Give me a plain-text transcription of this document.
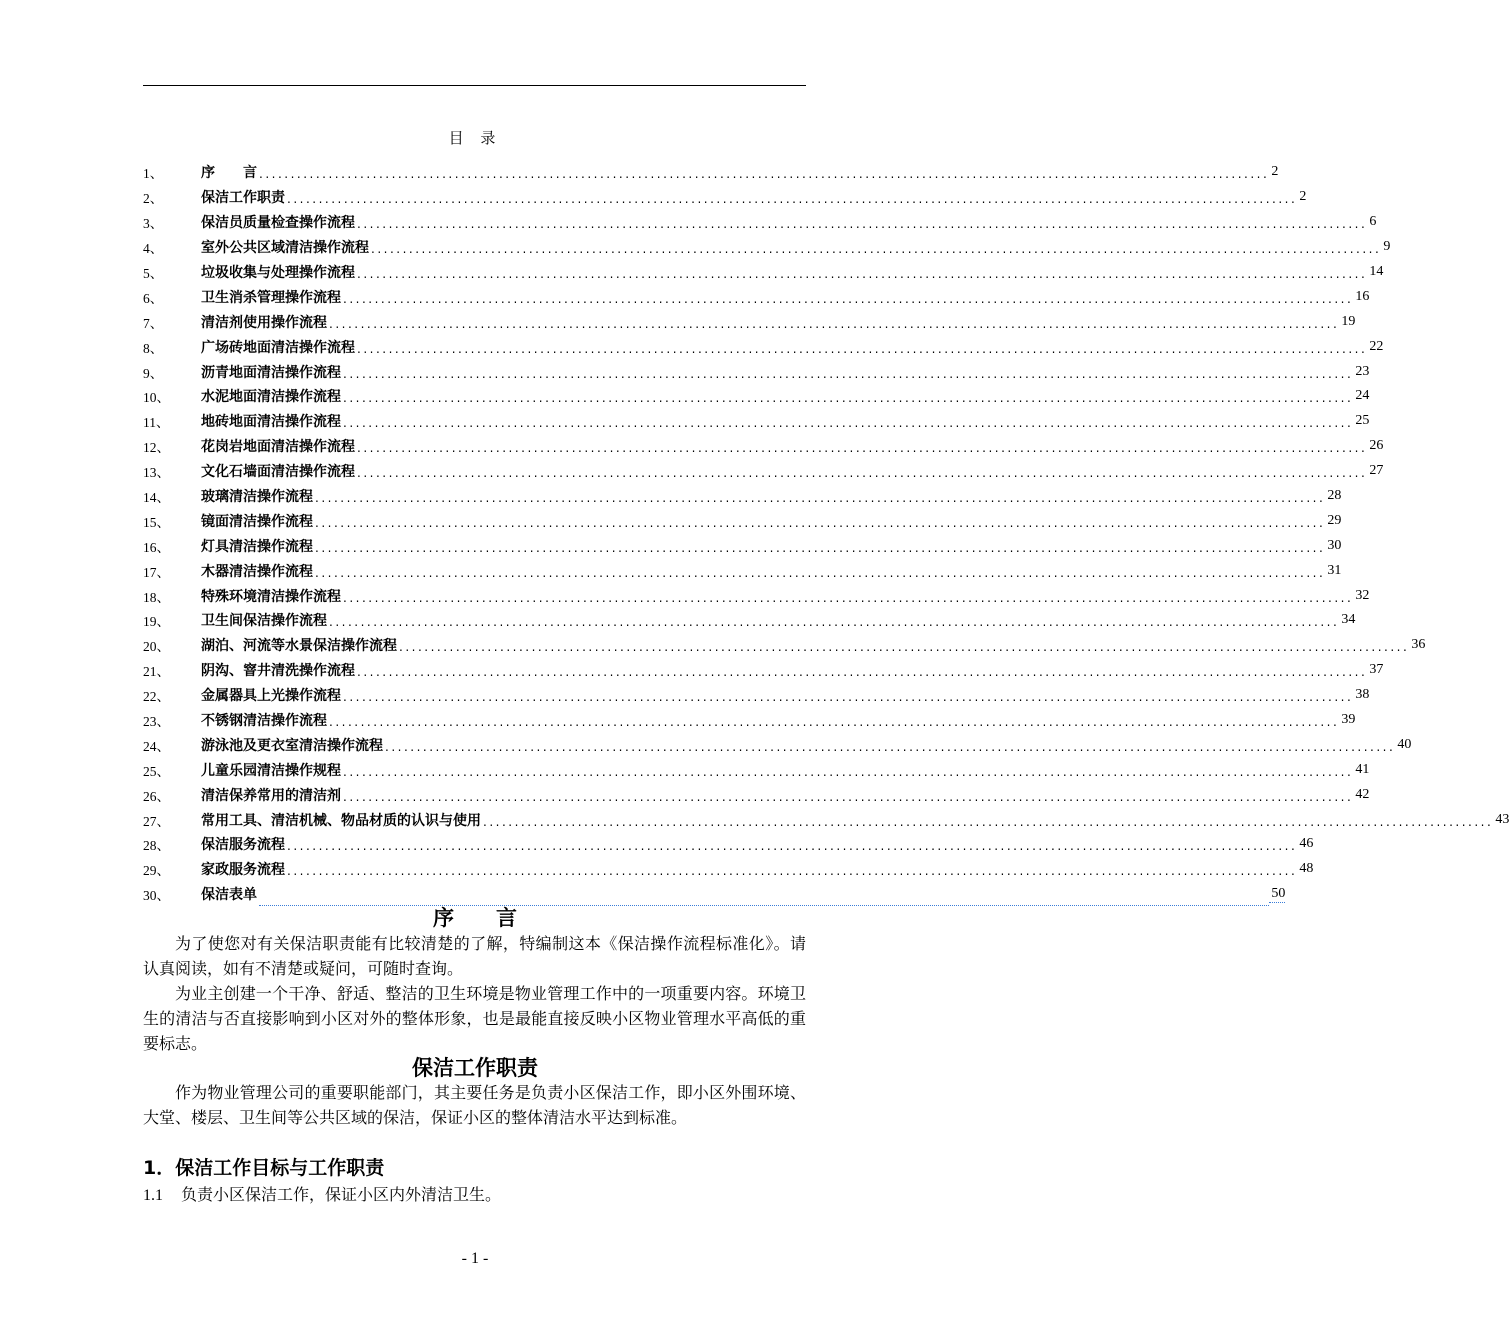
目 录
1、	序　　言 ................................................................................................................................................................ 2
2、	保洁工作职责 ................................................................................................................................................................ 2
3、	保洁员质量检查操作流程 ................................................................................................................................................................ 6
4、	室外公共区域清洁操作流程 ................................................................................................................................................................ 9
5、	垃圾收集与处理操作流程 ................................................................................................................................................................ 14
6、	卫生消杀管理操作流程 ................................................................................................................................................................ 16
7、	清洁剂使用操作流程 ................................................................................................................................................................ 19
8、	广场砖地面清洁操作流程 ................................................................................................................................................................ 22
9、	沥青地面清洁操作流程 ................................................................................................................................................................ 23
10、	水泥地面清洁操作流程 ................................................................................................................................................................ 24
11、	地砖地面清洁操作流程 ................................................................................................................................................................ 25
12、	花岗岩地面清洁操作流程 ................................................................................................................................................................ 26
13、	文化石墙面清洁操作流程 ................................................................................................................................................................ 27
14、	玻璃清洁操作流程 ................................................................................................................................................................ 28
15、	镜面清洁操作流程 ................................................................................................................................................................ 29
16、	灯具清洁操作流程 ................................................................................................................................................................ 30
17、	木器清洁操作流程 ................................................................................................................................................................ 31
18、	特殊环境清洁操作流程 ................................................................................................................................................................ 32
19、	卫生间保洁操作流程 ................................................................................................................................................................ 34
20、	湖泊、河流等水景保洁操作流程 ................................................................................................................................................................ 36
21、	阴沟、窨井清洗操作流程 ................................................................................................................................................................ 37
22、	金属器具上光操作流程 ................................................................................................................................................................ 38
23、	不锈钢清洁操作流程 ................................................................................................................................................................ 39
24、	游泳池及更衣室清洁操作流程 ................................................................................................................................................................ 40
25、	儿童乐园清洁操作规程 ................................................................................................................................................................ 41
26、	清洁保养常用的清洁剂 ................................................................................................................................................................ 42
27、	常用工具、清洁机械、物品材质的认识与使用 ................................................................................................................................................................ 43
28、	保洁服务流程 ................................................................................................................................................................ 46
29、	家政服务流程 ................................................................................................................................................................ 48
30、	保洁表单	50
序　　言
为了使您对有关保洁职责能有比较清楚的了解，特编制这本《保洁操作流程标准化》。请认真阅读，如有不清楚或疑问，可随时查询。
为业主创建一个干净、舒适、整洁的卫生环境是物业管理工作中的一项重要内容。环境卫生的清洁与否直接影响到小区对外的整体形象，也是最能直接反映小区物业管理水平高低的重要标志。
保洁工作职责
作为物业管理公司的重要职能部门，其主要任务是负责小区保洁工作，即小区外围环境、大堂、楼层、卫生间等公共区域的保洁，保证小区的整体清洁水平达到标准。
1．保洁工作目标与工作职责
1.1 负责小区保洁工作，保证小区内外清洁卫生。
- 1 -
